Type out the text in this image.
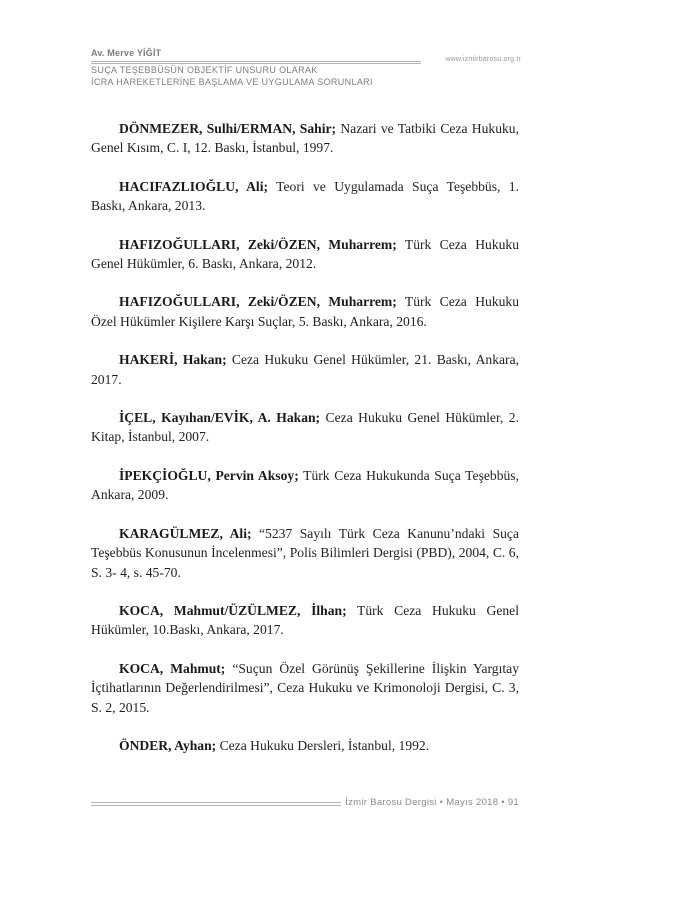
Av. Merve YİĞİT
www.izmirbarosu.org.tr
SUÇA TEŞEBBÜSÜN OBJEKTİF UNSURU OLARAK
İCRA HAREKETLERİNE BAŞLAMA VE UYGULAMA SORUNLARI

DÖNMEZER, Sulhi/ERMAN, Sahir; Nazari ve Tatbiki Ceza Hukuku, Genel Kısım, C. I, 12. Baskı, İstanbul, 1997.

HACIFAZLIOĞLU, Ali; Teori ve Uygulamada Suça Teşebbüs, 1. Baskı, Ankara, 2013.

HAFIZOĞULLARI, Zeki/ÖZEN, Muharrem; Türk Ceza Hukuku Genel Hükümler, 6. Baskı, Ankara, 2012.

HAFIZOĞULLARI, Zeki/ÖZEN, Muharrem; Türk Ceza Hukuku Özel Hükümler Kişilere Karşı Suçlar, 5. Baskı, Ankara, 2016.

HAKERİ, Hakan; Ceza Hukuku Genel Hükümler, 21. Baskı, Ankara, 2017.

İÇEL, Kayıhan/EVİK, A. Hakan; Ceza Hukuku Genel Hükümler, 2. Kitap, İstanbul, 2007.

İPEKÇİOĞLU, Pervin Aksoy; Türk Ceza Hukukunda Suça Teşebbüs, Ankara, 2009.

KARAGÜLMEZ, Ali; “5237 Sayılı Türk Ceza Kanunu’ndaki Suça Teşebbüs Konusunun İncelenmesi”, Polis Bilimleri Dergisi (PBD), 2004, C. 6, S. 3- 4, s. 45-70.

KOCA, Mahmut/ÜZÜLMEZ, İlhan; Türk Ceza Hukuku Genel Hükümler, 10.Baskı, Ankara, 2017.

KOCA, Mahmut; “Suçun Özel Görünüş Şekillerine İlişkin Yargıtay İçtihatlarının Değerlendirilmesi”, Ceza Hukuku ve Krimonoloji Dergisi, C. 3, S. 2, 2015.

ÖNDER, Ayhan; Ceza Hukuku Dersleri, İstanbul, 1992.

İzmir Barosu Dergisi • Mayıs 2018 • 91
